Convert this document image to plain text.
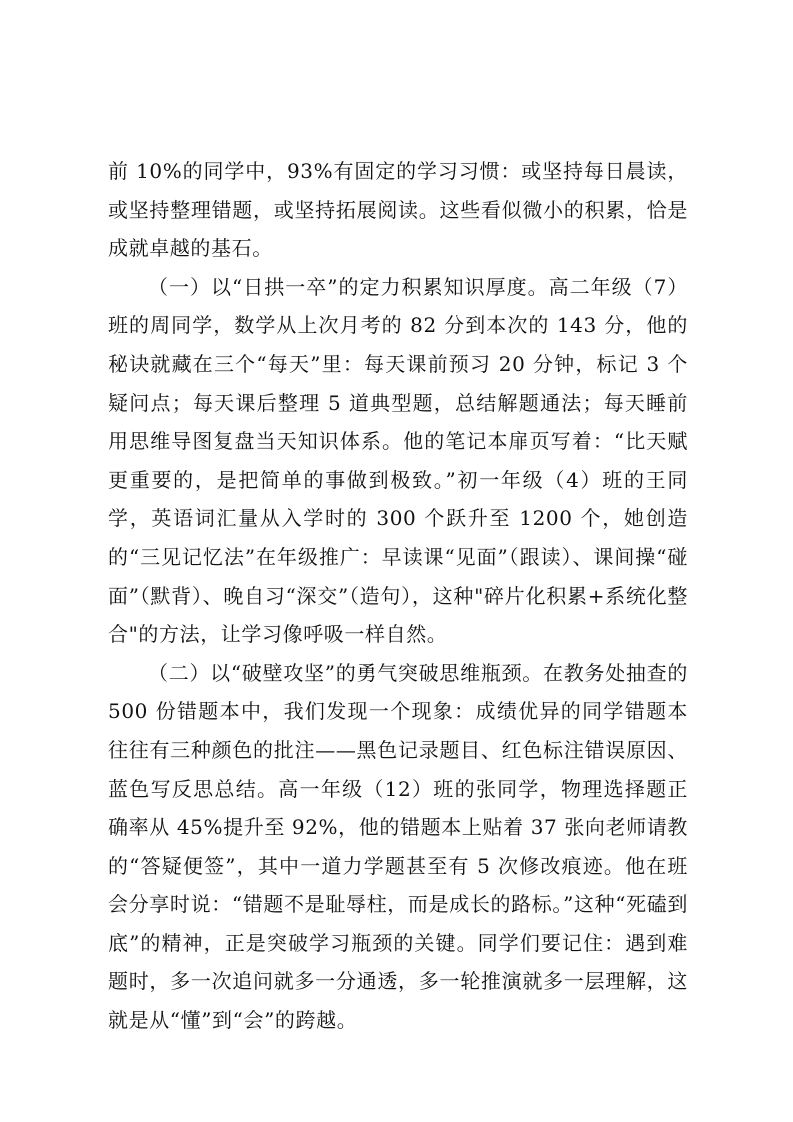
前 10%的同学中，93%有固定的学习习惯：或坚持每日晨读，或坚持整理错题，或坚持拓展阅读。这些看似微小的积累，恰是成就卓越的基石。

（一）以“日拱一卒”的定力积累知识厚度。高二年级（7）班的周同学，数学从上次月考的 82 分到本次的 143 分，他的秘诀就藏在三个“每天”里：每天课前预习 20 分钟，标记 3 个疑问点；每天课后整理 5 道典型题，总结解题通法；每天睡前用思维导图复盘当天知识体系。他的笔记本扉页写着：“比天赋更重要的，是把简单的事做到极致。”初一年级（4）班的王同学，英语词汇量从入学时的 300 个跃升至 1200 个，她创造的“三见记忆法”在年级推广：早读课“见面”（跟读）、课间操“碰面”（默背）、晚自习“深交”（造句），这种"碎片化积累+系统化整合"的方法，让学习像呼吸一样自然。

（二）以“破壁攻坚”的勇气突破思维瓶颈。在教务处抽查的 500 份错题本中，我们发现一个现象：成绩优异的同学错题本往往有三种颜色的批注——黑色记录题目、红色标注错误原因、蓝色写反思总结。高一年级（12）班的张同学，物理选择题正确率从 45%提升至 92%，他的错题本上贴着 37 张向老师请教的“答疑便签”，其中一道力学题甚至有 5 次修改痕迹。他在班会分享时说：“错题不是耻辱柱，而是成长的路标。”这种“死磕到底”的精神，正是突破学习瓶颈的关键。同学们要记住：遇到难题时，多一次追问就多一分通透，多一轮推演就多一层理解，这就是从“懂”到“会”的跨越。
